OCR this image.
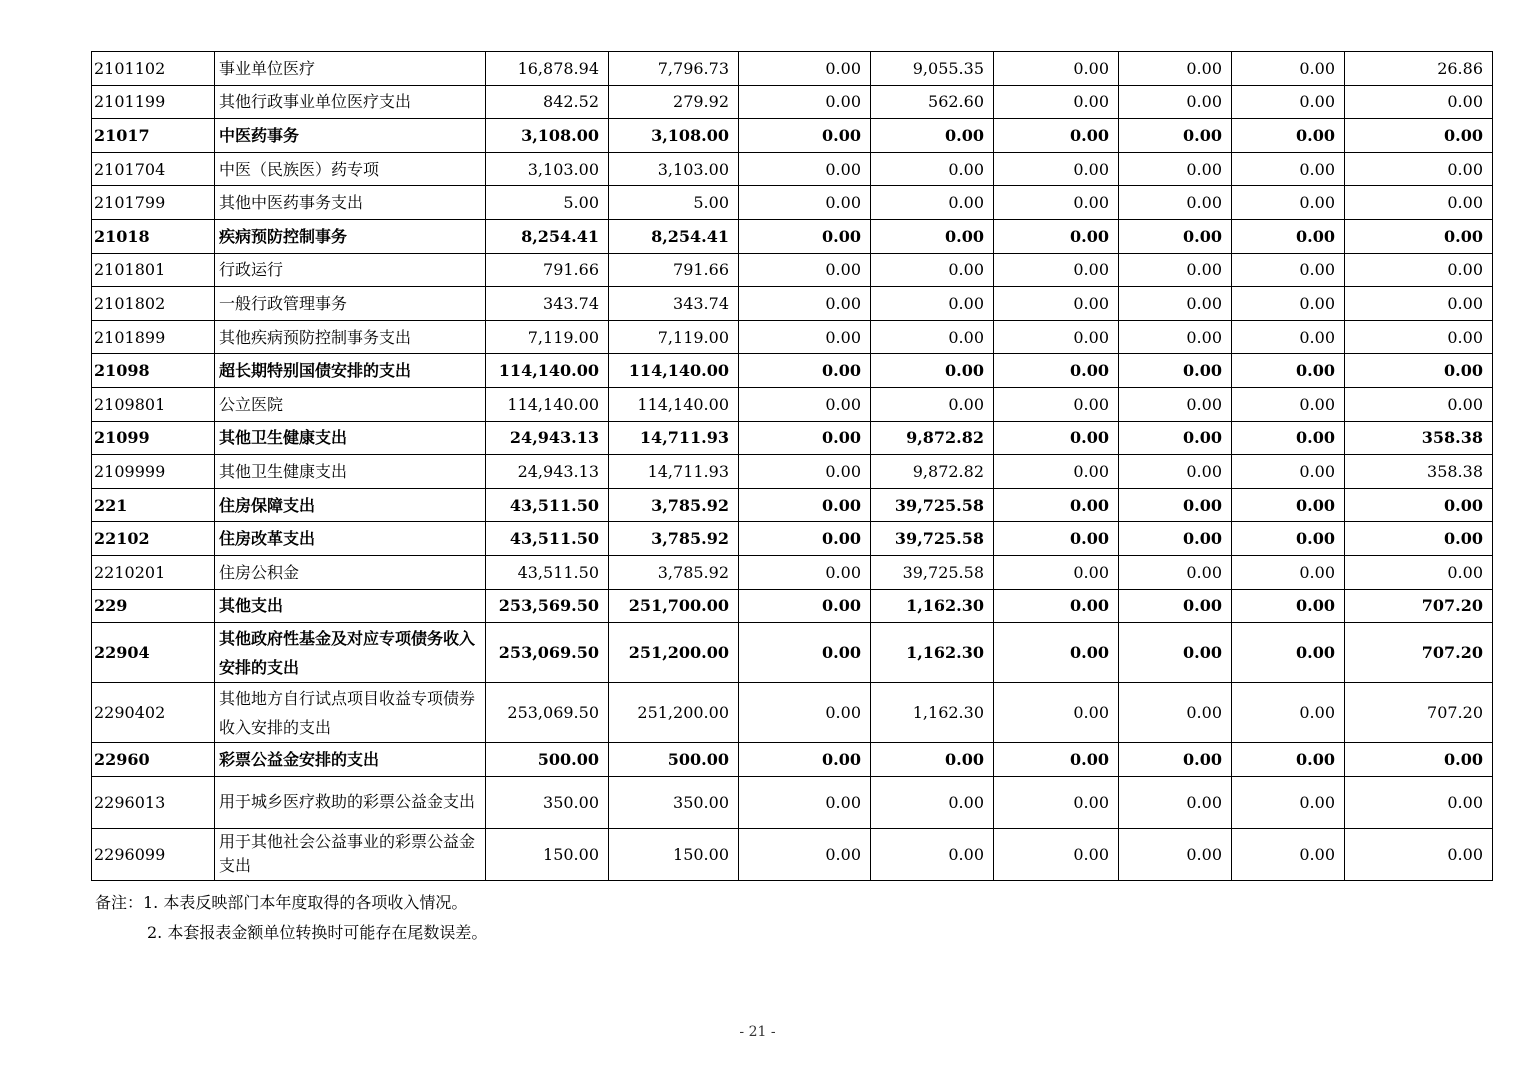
2101102	事业单位医疗	16,878.94	7,796.73	0.00	9,055.35	0.00	0.00	0.00	26.86
2101199	其他行政事业单位医疗支出	842.52	279.92	0.00	562.60	0.00	0.00	0.00	0.00
21017	中医药事务	3,108.00	3,108.00	0.00	0.00	0.00	0.00	0.00	0.00
2101704	中医（民族医）药专项	3,103.00	3,103.00	0.00	0.00	0.00	0.00	0.00	0.00
2101799	其他中医药事务支出	5.00	5.00	0.00	0.00	0.00	0.00	0.00	0.00
21018	疾病预防控制事务	8,254.41	8,254.41	0.00	0.00	0.00	0.00	0.00	0.00
2101801	行政运行	791.66	791.66	0.00	0.00	0.00	0.00	0.00	0.00
2101802	一般行政管理事务	343.74	343.74	0.00	0.00	0.00	0.00	0.00	0.00
2101899	其他疾病预防控制事务支出	7,119.00	7,119.00	0.00	0.00	0.00	0.00	0.00	0.00
21098	超长期特别国债安排的支出	114,140.00	114,140.00	0.00	0.00	0.00	0.00	0.00	0.00
2109801	公立医院	114,140.00	114,140.00	0.00	0.00	0.00	0.00	0.00	0.00
21099	其他卫生健康支出	24,943.13	14,711.93	0.00	9,872.82	0.00	0.00	0.00	358.38
2109999	其他卫生健康支出	24,943.13	14,711.93	0.00	9,872.82	0.00	0.00	0.00	358.38
221	住房保障支出	43,511.50	3,785.92	0.00	39,725.58	0.00	0.00	0.00	0.00
22102	住房改革支出	43,511.50	3,785.92	0.00	39,725.58	0.00	0.00	0.00	0.00
2210201	住房公积金	43,511.50	3,785.92	0.00	39,725.58	0.00	0.00	0.00	0.00
229	其他支出	253,569.50	251,700.00	0.00	1,162.30	0.00	0.00	0.00	707.20
22904	其他政府性基金及对应专项债务收入安排的支出	253,069.50	251,200.00	0.00	1,162.30	0.00	0.00	0.00	707.20
2290402	其他地方自行试点项目收益专项债券收入安排的支出	253,069.50	251,200.00	0.00	1,162.30	0.00	0.00	0.00	707.20
22960	彩票公益金安排的支出	500.00	500.00	0.00	0.00	0.00	0.00	0.00	0.00
2296013	用于城乡医疗救助的彩票公益金支出	350.00	350.00	0.00	0.00	0.00	0.00	0.00	0.00
2296099	用于其他社会公益事业的彩票公益金支出	150.00	150.00	0.00	0.00	0.00	0.00	0.00	0.00
备注：1. 本表反映部门本年度取得的各项收入情况。
2. 本套报表金额单位转换时可能存在尾数误差。
- 21 -
